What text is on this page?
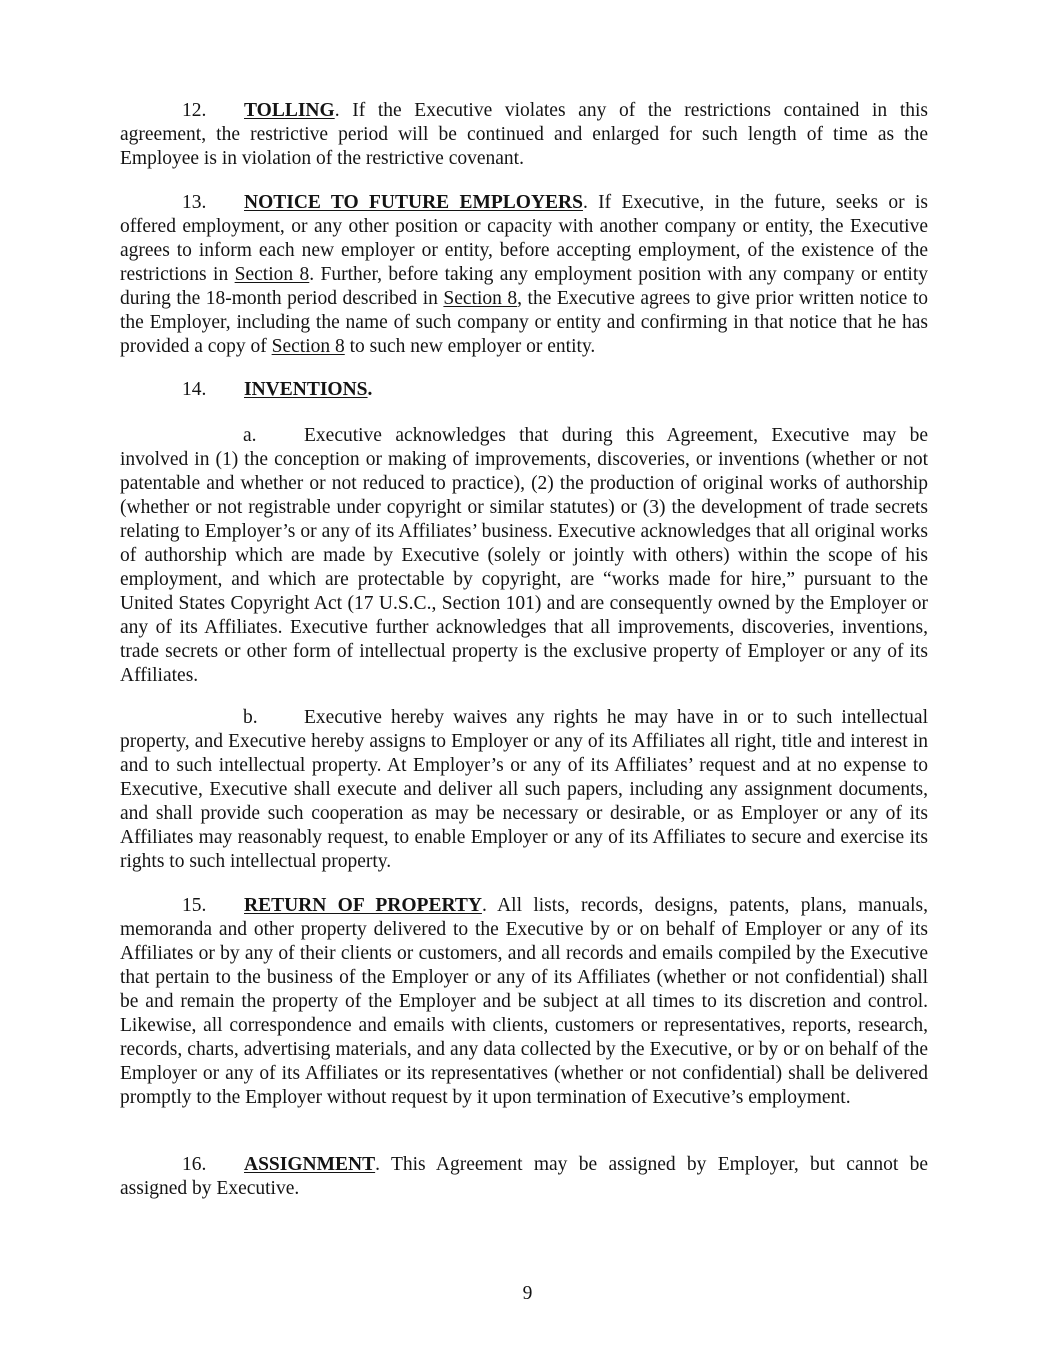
12. TOLLING. If the Executive violates any of the restrictions contained in this agreement, the restrictive period will be continued and enlarged for such length of time as the Employee is in violation of the restrictive covenant.

13. NOTICE TO FUTURE EMPLOYERS. If Executive, in the future, seeks or is offered employment, or any other position or capacity with another company or entity, the Executive agrees to inform each new employer or entity, before accepting employment, of the existence of the restrictions in Section 8. Further, before taking any employment position with any company or entity during the 18-month period described in Section 8, the Executive agrees to give prior written notice to the Employer, including the name of such company or entity and confirming in that notice that he has provided a copy of Section 8 to such new employer or entity.

14. INVENTIONS.

a. Executive acknowledges that during this Agreement, Executive may be involved in (1) the conception or making of improvements, discoveries, or inventions (whether or not patentable and whether or not reduced to practice), (2) the production of original works of authorship (whether or not registrable under copyright or similar statutes) or (3) the development of trade secrets relating to Employer’s or any of its Affiliates’ business. Executive acknowledges that all original works of authorship which are made by Executive (solely or jointly with others) within the scope of his employment, and which are protectable by copyright, are “works made for hire,” pursuant to the United States Copyright Act (17 U.S.C., Section 101) and are consequently owned by the Employer or any of its Affiliates. Executive further acknowledges that all improvements, discoveries, inventions, trade secrets or other form of intellectual property is the exclusive property of Employer or any of its Affiliates.

b. Executive hereby waives any rights he may have in or to such intellectual property, and Executive hereby assigns to Employer or any of its Affiliates all right, title and interest in and to such intellectual property. At Employer’s or any of its Affiliates’ request and at no expense to Executive, Executive shall execute and deliver all such papers, including any assignment documents, and shall provide such cooperation as may be necessary or desirable, or as Employer or any of its Affiliates may reasonably request, to enable Employer or any of its Affiliates to secure and exercise its rights to such intellectual property.

15. RETURN OF PROPERTY. All lists, records, designs, patents, plans, manuals, memoranda and other property delivered to the Executive by or on behalf of Employer or any of its Affiliates or by any of their clients or customers, and all records and emails compiled by the Executive that pertain to the business of the Employer or any of its Affiliates (whether or not confidential) shall be and remain the property of the Employer and be subject at all times to its discretion and control. Likewise, all correspondence and emails with clients, customers or representatives, reports, research, records, charts, advertising materials, and any data collected by the Executive, or by or on behalf of the Employer or any of its Affiliates or its representatives (whether or not confidential) shall be delivered promptly to the Employer without request by it upon termination of Executive’s employment.

16. ASSIGNMENT. This Agreement may be assigned by Employer, but cannot be assigned by Executive.

9
